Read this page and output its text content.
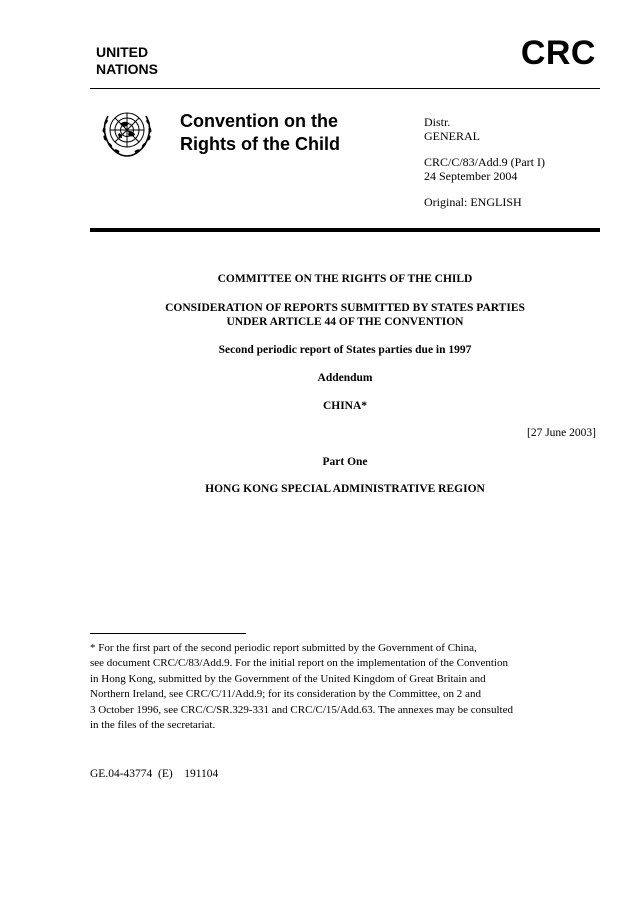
UNITED
NATIONS	CRC
Convention on the
Rights of the Child
Distr.
GENERAL
CRC/C/83/Add.9 (Part I)
24 September 2004
Original: ENGLISH
COMMITTEE ON THE RIGHTS OF THE CHILD
CONSIDERATION OF REPORTS SUBMITTED BY STATES PARTIES
UNDER ARTICLE 44 OF THE CONVENTION
Second periodic report of States parties due in 1997
Addendum
CHINA*
[27 June 2003]
Part One
HONG KONG SPECIAL ADMINISTRATIVE REGION
* For the first part of the second periodic report submitted by the Government of China,
see document CRC/C/83/Add.9. For the initial report on the implementation of the Convention
in Hong Kong, submitted by the Government of the United Kingdom of Great Britain and
Northern Ireland, see CRC/C/11/Add.9; for its consideration by the Committee, on 2 and
3 October 1996, see CRC/C/SR.329-331 and CRC/C/15/Add.63. The annexes may be consulted
in the files of the secretariat.
GE.04-43774  (E)    191104
